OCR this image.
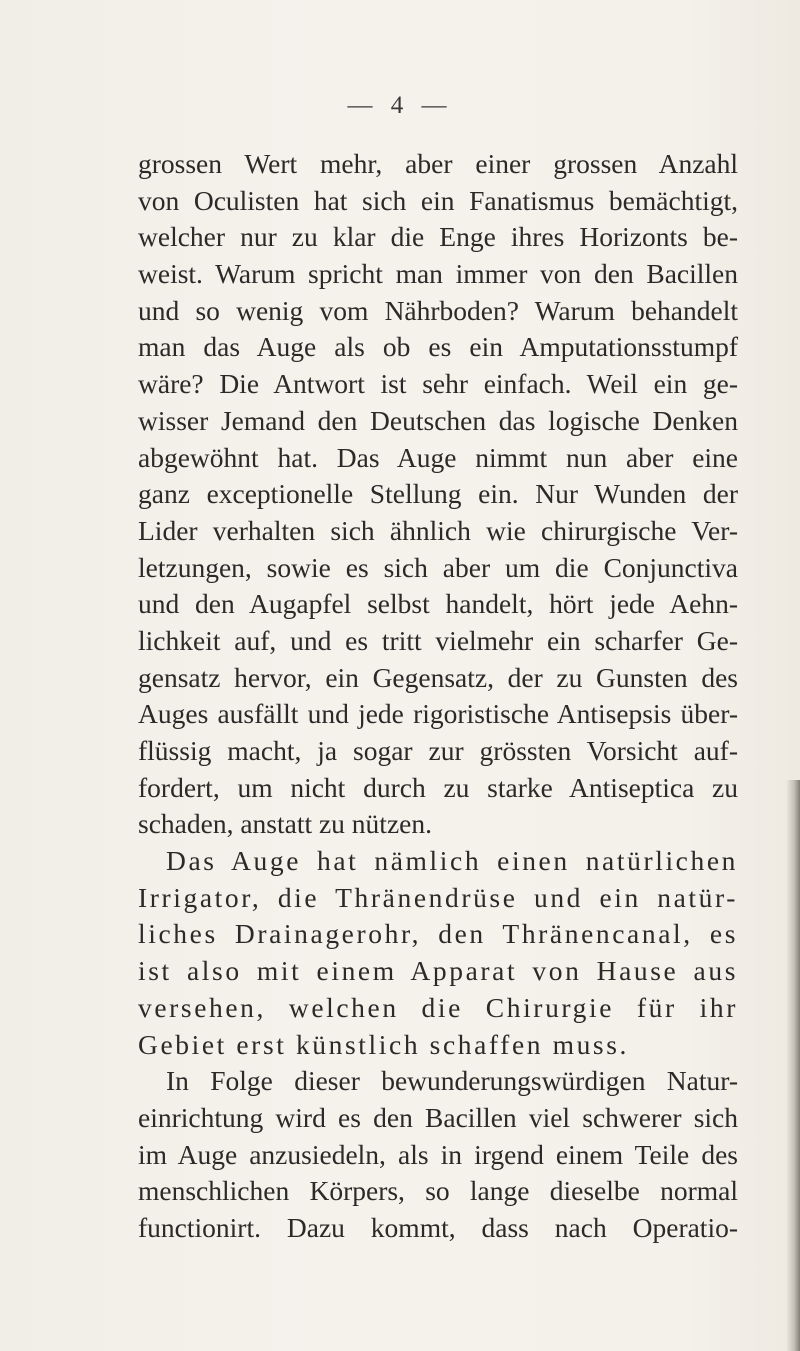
— 4 —
grossen Wert mehr, aber einer grossen Anzahl
von Oculisten hat sich ein Fanatismus bemächtigt,
welcher nur zu klar die Enge ihres Horizonts be-
weist. Warum spricht man immer von den Bacillen
und so wenig vom Nährboden? Warum behandelt
man das Auge als ob es ein Amputationsstumpf
wäre? Die Antwort ist sehr einfach. Weil ein ge-
wisser Jemand den Deutschen das logische Denken
abgewöhnt hat. Das Auge nimmt nun aber eine
ganz exceptionelle Stellung ein. Nur Wunden der
Lider verhalten sich ähnlich wie chirurgische Ver-
letzungen, sowie es sich aber um die Conjunctiva
und den Augapfel selbst handelt, hört jede Aehn-
lichkeit auf, und es tritt vielmehr ein scharfer Ge-
gensatz hervor, ein Gegensatz, der zu Gunsten des
Auges ausfällt und jede rigoristische Antisepsis über-
flüssig macht, ja sogar zur grössten Vorsicht auf-
fordert, um nicht durch zu starke Antiseptica zu
schaden, anstatt zu nützen.
Das Auge hat nämlich einen natürlichen
Irrigator, die Thränendrüse und ein natür-
liches Drainagerohr, den Thränencanal, es
ist also mit einem Apparat von Hause aus
versehen, welchen die Chirurgie für ihr
Gebiet erst künstlich schaffen muss.
In Folge dieser bewunderungswürdigen Natur-
einrichtung wird es den Bacillen viel schwerer sich
im Auge anzusiedeln, als in irgend einem Teile des
menschlichen Körpers, so lange dieselbe normal
functionirt. Dazu kommt, dass nach Operatio-
